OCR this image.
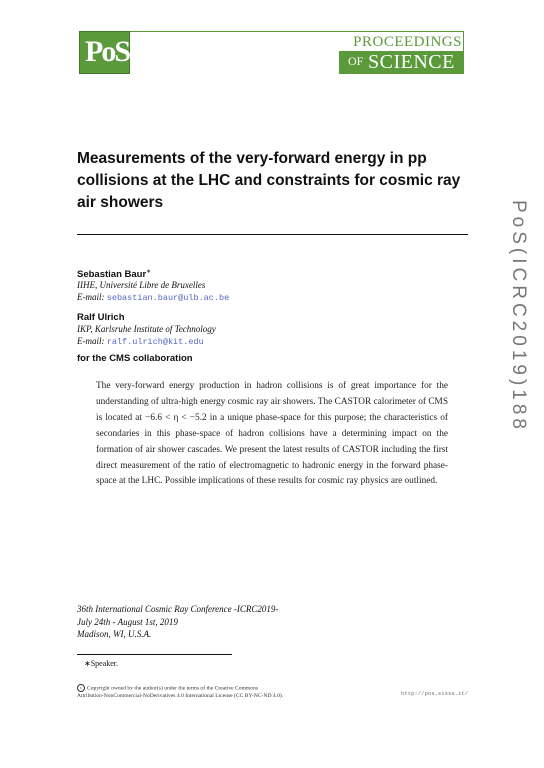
PoS	PROCEEDINGS
OF SCIENCE
Measurements of the very-forward energy in pp collisions at the LHC and constraints for cosmic ray air showers	PoS(ICRC2019)188
Sebastian Baur∗
IIHE, Université Libre de Bruxelles
E-mail: sebastian.baur@ulb.ac.be
Ralf Ulrich
IKP, Karlsruhe Institute of Technology
E-mail: ralf.ulrich@kit.edu
for the CMS collaboration

The very-forward energy production in hadron collisions is of great importance for the understanding of ultra-high energy cosmic ray air showers. The CASTOR calorimeter of CMS is located at −6.6 < η < −5.2 in a unique phase-space for this purpose; the characteristics of secondaries in this phase-space of hadron collisions have a determining impact on the formation of air shower cascades. We present the latest results of CASTOR including the first direct measurement of the ratio of electromagnetic to hadronic energy in the forward phase-space at the LHC. Possible implications of these results for cosmic ray physics are outlined.

36th International Cosmic Ray Conference -ICRC2019-
July 24th - August 1st, 2019
Madison, WI, U.S.A.
∗Speaker.
c Copyright owned by the author(s) under the terms of the Creative Commons
Attribution-NonCommercial-NoDerivatives 4.0 International License (CC BY-NC-ND 4.0).	http://pos.sissa.it/
